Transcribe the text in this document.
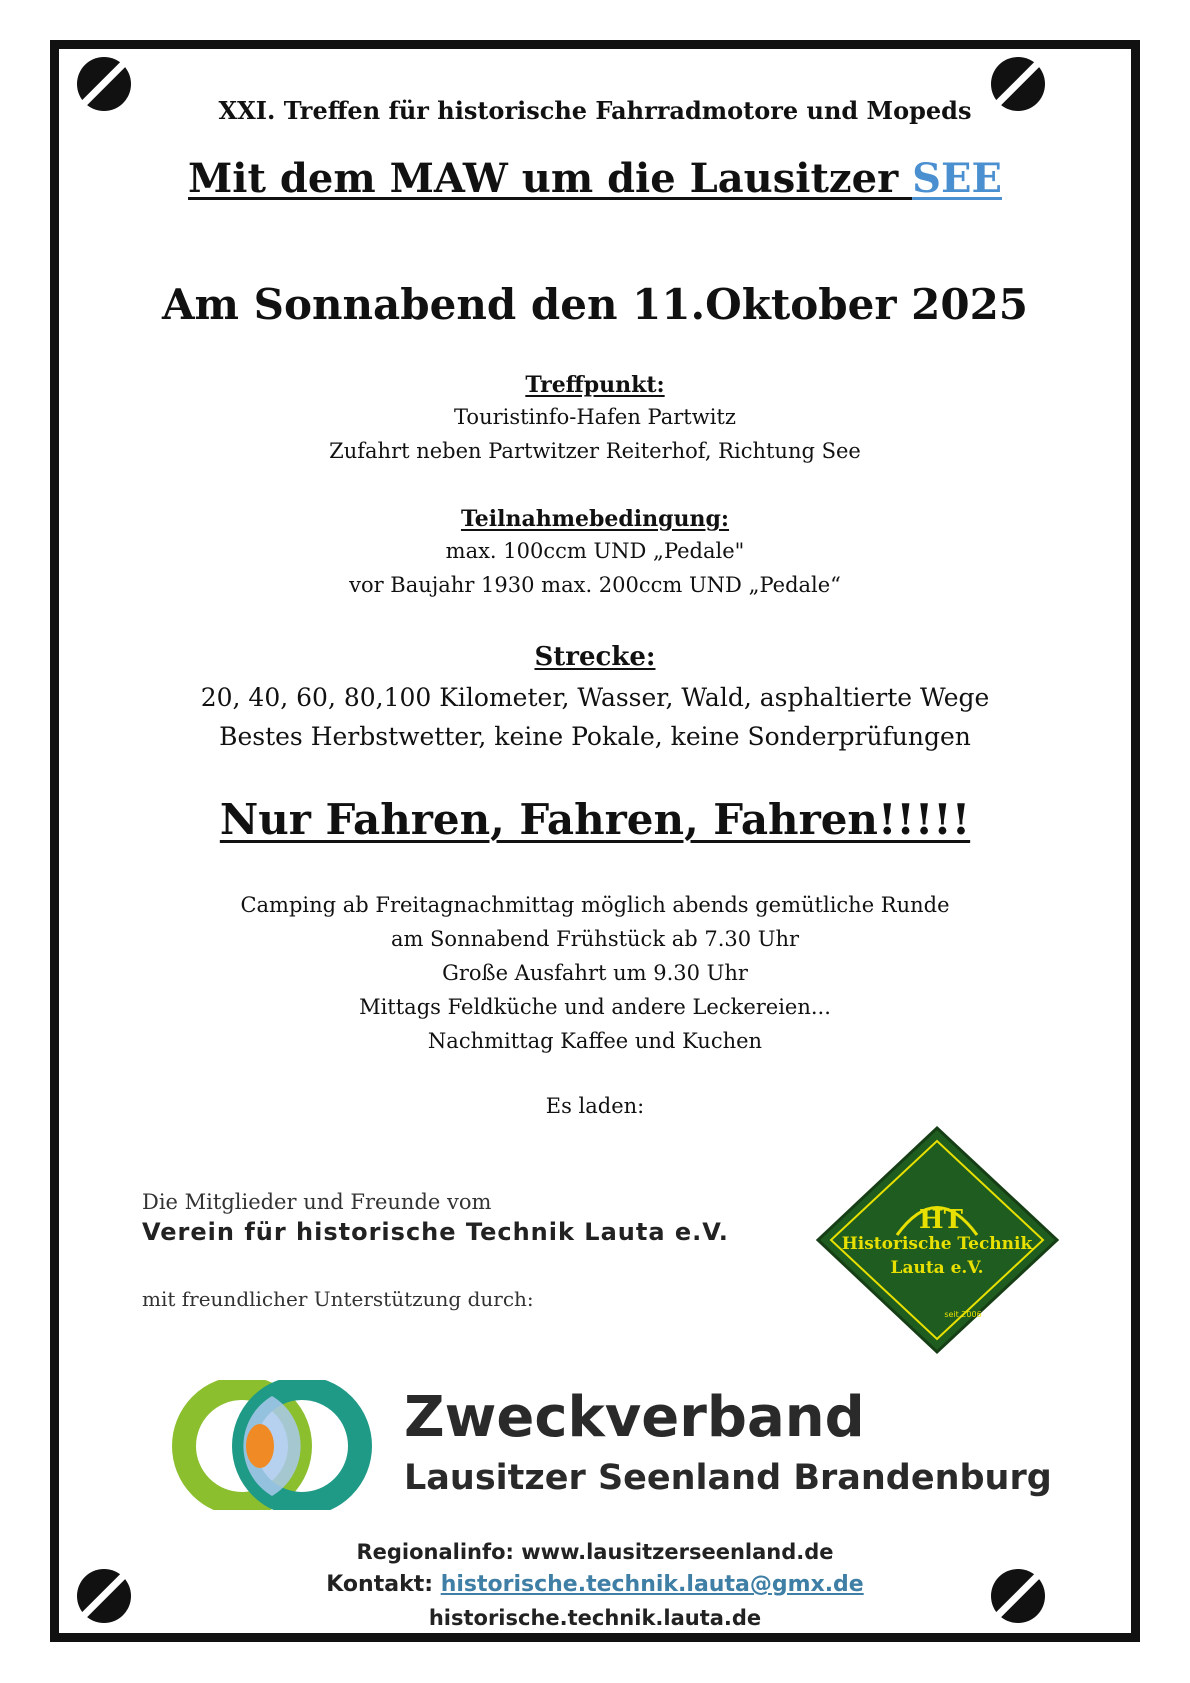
XXI. Treffen für historische Fahrradmotore und Mopeds
Mit dem MAW um die Lausitzer SEE
Am Sonnabend den 11.Oktober 2025
Treffpunkt:
Touristinfo-Hafen Partwitz
Zufahrt neben Partwitzer Reiterhof, Richtung See
Teilnahmebedingung:
max. 100ccm UND „Pedale"
vor Baujahr 1930 max. 200ccm UND „Pedale“
Strecke:
20, 40, 60, 80,100 Kilometer, Wasser, Wald, asphaltierte Wege
Bestes Herbstwetter, keine Pokale, keine Sonderprüfungen
Nur Fahren, Fahren, Fahren!!!!!
Camping ab Freitagnachmittag möglich abends gemütliche Runde
am Sonnabend Frühstück ab 7.30 Uhr
Große Ausfahrt um 9.30 Uhr
Mittags Feldküche und andere Leckereien...
Nachmittag Kaffee und Kuchen
Es laden:
Die Mitglieder und Freunde vom
Verein für historische Technik Lauta e.V.
mit freundlicher Unterstützung durch:
HT
Historische Technik
Lauta e.V.
seit 2006
Zweckverband
Lausitzer Seenland Brandenburg
Regionalinfo: www.lausitzerseenland.de
Kontakt: historische.technik.lauta@gmx.de
historische.technik.lauta.de
